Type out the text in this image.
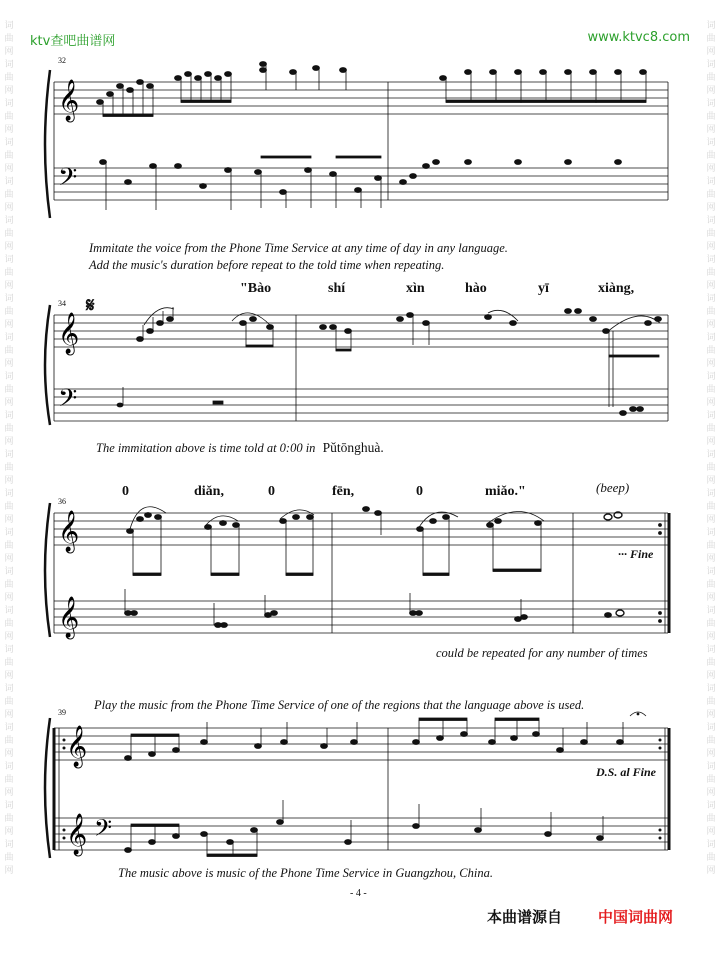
词
曲
网
词
曲
网
词
曲
网
词
曲
网
词
曲
网
词
曲
网
词
曲
网
词
曲
网
词
曲
网
词
曲
网
词
曲
网
词
曲
网
词
曲
网
词
曲
网
词
曲
网
词
曲
网
词
曲
网
词
曲
网
词
曲
网
词
曲
网
词
曲
网
词
曲
网
词
曲
网
词
曲
网
词
曲
网
词
曲
网
词
曲
网
词
曲
网
词
曲
网
词
曲
网
词
曲
网
词
曲
网
词
曲
网
词
曲
网
词
曲
网
词
曲
网
词
曲
网
词
曲
网
词
曲
网
词
曲
网
词
曲
网
词
曲
网
词
曲
网
词
曲
网
ktv查吧曲谱网	www.ktvc8.com
32
𝄞
𝄢
Immitate the voice from the Phone Time Service at any time of day in any language.
Add the music's duration before repeat to the told time when repeating.
"Bào	shí	xìn	hào	yī	xiàng,
34 𝄋
𝄞
𝄢
The immitation above is time told at 0:00 in Pǔtōnghuà.
0	diǎn,	0	fēn,	0	miǎo."	(beep)
36
𝄞
𝄞
··· Fine
could be repeated for any number of times
Play the music from the Phone Time Service of one of the regions that the language above is used.
39
𝄞
𝄞 𝄢
D.S. al Fine
The music above is music of the Phone Time Service in Guangzhou, China.
- 4 -
本曲谱源自 中国词曲网
